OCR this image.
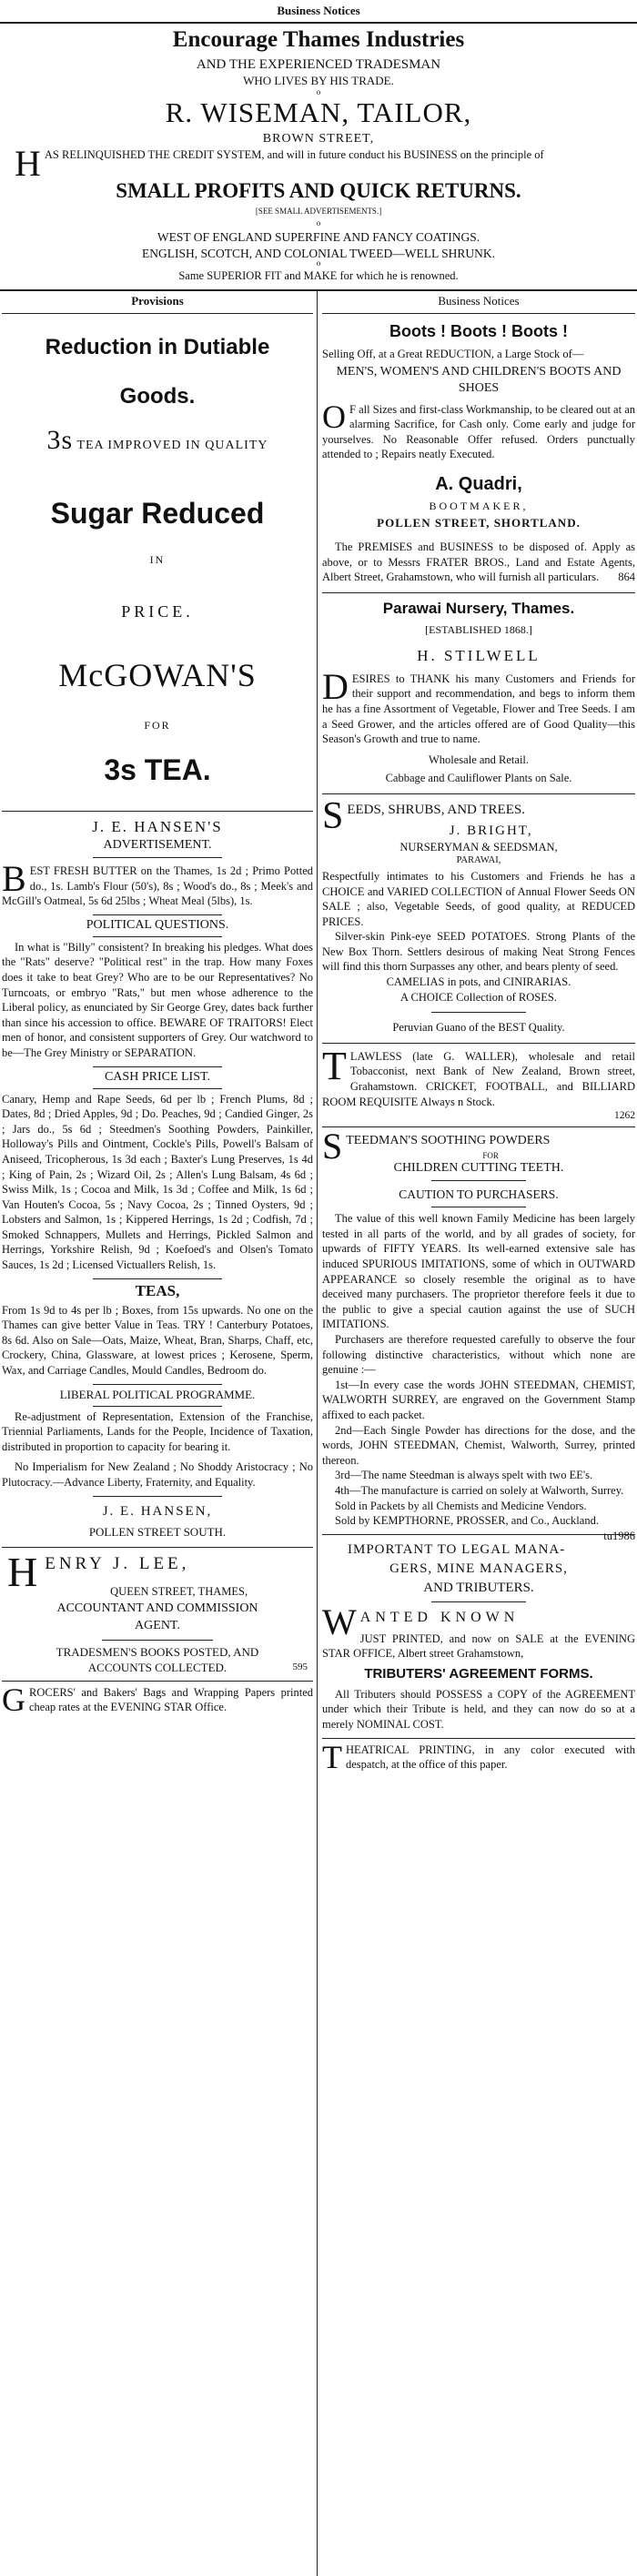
Business Notices
Encourage Thames Industries
AND THE EXPERIENCED TRADESMAN
WHO LIVES BY HIS TRADE.
o
R. WISEMAN, TAILOR,
BROWN STREET,
HAS RELINQUISHED THE CREDIT SYSTEM, and will in future conduct his BUSINESS on the principle of
SMALL PROFITS AND QUICK RETURNS.
[SEE SMALL ADVERTISEMENTS.]
o
WEST OF ENGLAND SUPERFINE AND FANCY COATINGS.
ENGLISH, SCOTCH, AND COLONIAL TWEED—WELL SHRUNK.
o
Same SUPERIOR FIT and MAKE for which he is renowned.
Provisions
Reduction in Dutiable
Goods.
3s TEA IMPROVED IN QUALITY
Sugar Reduced
IN
PRICE.
McGOWAN'S
FOR
3s TEA.
J. E. HANSEN'S
ADVERTISEMENT.
BEST FRESH BUTTER on the Thames, 1s 2d ; Primo Potted do., 1s. Lamb's Flour (50's), 8s ; Wood's do., 8s ; Meek's and McGill's Oatmeal, 5s 6d 25lbs ; Wheat Meal (5lbs), 1s.
POLITICAL QUESTIONS.
In what is "Billy" consistent? In breaking his pledges. What does the "Rats" deserve? "Political rest" in the trap. How many Foxes does it take to beat Grey? Who are to be our Representatives? No Turncoats, or embryo "Rats," but men whose adherence to the Liberal policy, as enunciated by Sir George Grey, dates back further than since his accession to office. BEWARE OF TRAITORS! Elect men of honor, and consistent supporters of Grey. Our watchword to be—The Grey Ministry or SEPARATION.
CASH PRICE LIST.
Canary, Hemp and Rape Seeds, 6d per lb ; French Plums, 8d ; Dates, 8d ; Dried Apples, 9d ; Do. Peaches, 9d ; Candied Ginger, 2s ; Jars do., 5s 6d ; Steedmen's Soothing Powders, Painkiller, Holloway's Pills and Ointment, Cockle's Pills, Powell's Balsam of Aniseed, Tricopherous, 1s 3d each ; Baxter's Lung Preserves, 1s 4d ; King of Pain, 2s ; Wizard Oil, 2s ; Allen's Lung Balsam, 4s 6d ; Swiss Milk, 1s ; Cocoa and Milk, 1s 3d ; Coffee and Milk, 1s 6d ; Van Houten's Cocoa, 5s ; Navy Cocoa, 2s ; Tinned Oysters, 9d ; Lobsters and Salmon, 1s ; Kippered Herrings, 1s 2d ; Codfish, 7d ; Smoked Schnappers, Mullets and Herrings, Pickled Salmon and Herrings, Yorkshire Relish, 9d ; Koefoed's and Olsen's Tomato Sauces, 1s 2d ; Licensed Victuallers Relish, 1s.
TEAS,
From 1s 9d to 4s per lb ; Boxes, from 15s upwards. No one on the Thames can give better Value in Teas. TRY ! Canterbury Potatoes, 8s 6d. Also on Sale—Oats, Maize, Wheat, Bran, Sharps, Chaff, etc, Crockery, China, Glassware, at lowest prices ; Kerosene, Sperm, Wax, and Carriage Candles, Mould Candles, Bedroom do.
LIBERAL POLITICAL PROGRAMME.
Re-adjustment of Representation, Extension of the Franchise, Triennial Parliaments, Lands for the People, Incidence of Taxation, distributed in proportion to capacity for bearing it.
No Imperialism for New Zealand ; No Shoddy Aristocracy ; No Plutocracy.—Advance Liberty, Fraternity, and Equality.
J. E. HANSEN,
POLLEN STREET SOUTH.
HENRY J. LEE,
QUEEN STREET, THAMES,
ACCOUNTANT AND COMMISSION
AGENT.
TRADESMEN'S BOOKS POSTED, AND
ACCOUNTS COLLECTED.	595
GROCERS' and Bakers' Bags and Wrapping Papers printed cheap rates at the EVENING STAR Office.
Business Notices
Boots ! Boots ! Boots !
Selling Off, at a Great REDUCTION, a Large Stock of—
MEN'S, WOMEN'S AND CHILDREN'S BOOTS AND SHOES
O F all Sizes and first-class Workmanship, to be cleared out at an alarming Sacrifice, for Cash only. Come early and judge for yourselves. No Reasonable Offer refused. Orders punctually attended to ; Repairs neatly Executed.
A. Quadri,
BOOTMAKER,
POLLEN STREET, SHORTLAND.
The PREMISES and BUSINESS to be disposed of. Apply as above, or to Messrs FRATER BROS., Land and Estate Agents, Albert Street, Grahamstown, who will furnish all particulars.	864
Parawai Nursery, Thames.
[ESTABLISHED 1868.]
H. STILWELL
DESIRES to THANK his many Customers and Friends for their support and recommendation, and begs to inform them he has a fine Assortment of Vegetable, Flower and Tree Seeds. I am a Seed Grower, and the articles offered are of Good Quality—this Season's Growth and true to name.
Wholesale and Retail.
Cabbage and Cauliflower Plants on Sale.
SEEDS, SHRUBS, AND TREES.
J. BRIGHT,
NURSERYMAN & SEEDSMAN,
PARAWAI,
Respectfully intimates to his Customers and Friends he has a CHOICE and VARIED COLLECTION of Annual Flower Seeds ON SALE ; also, Vegetable Seeds, of good quality, at REDUCED PRICES.
Silver-skin Pink-eye SEED POTATOES. Strong Plants of the New Box Thorn. Settlers desirous of making Neat Strong Fences will find this thorn Surpasses any other, and bears plenty of seed.
CAMELIAS in pots, and CINIRARIAS.
A CHOICE Collection of ROSES.
Peruvian Guano of the BEST Quality.
TLAWLESS (late G. WALLER), wholesale and retail Tobacconist, next Bank of New Zealand, Brown street, Grahamstown. CRICKET, FOOTBALL, and BILLIARD ROOM REQUISITE Always n Stock.
1262
STEEDMAN'S SOOTHING POWDERS
FOR
CHILDREN CUTTING TEETH.
CAUTION TO PURCHASERS.
The value of this well known Family Medicine has been largely tested in all parts of the world, and by all grades of society, for upwards of FIFTY YEARS. Its well-earned extensive sale has induced SPURIOUS IMITATIONS, some of which in OUTWARD APPEARANCE so closely resemble the original as to have deceived many purchasers. The proprietor therefore feels it due to the public to give a special caution against the use of SUCH IMITATIONS.
Purchasers are therefore requested carefully to observe the four following distinctive characteristics, without which none are genuine :—
1st—In every case the words JOHN STEEDMAN, CHEMIST, WALWORTH SURREY, are engraved on the Government Stamp affixed to each packet.
2nd—Each Single Powder has directions for the dose, and the words, JOHN STEEDMAN, Chemist, Walworth, Surrey, printed thereon.
3rd—The name Steedman is always spelt with two EE's.
4th—The manufacture is carried on solely at Walworth, Surrey.
Sold in Packets by all Chemists and Medicine Vendors.
Sold by KEMPTHORNE, PROSSER, and Co., Auckland.
tu1986
IMPORTANT TO LEGAL MANA-
GERS, MINE MANAGERS,
AND TRIBUTERS.
WANTED KNOWN
JUST PRINTED, and now on SALE at the EVENING STAR OFFICE, Albert street Grahamstown,
TRIBUTERS' AGREEMENT FORMS.
All Tributers should POSSESS a COPY of the AGREEMENT under which their Tribute is held, and they can now do so at a merely NOMINAL COST.
THEATRICAL PRINTING, in any color executed with despatch, at the office of this paper.
